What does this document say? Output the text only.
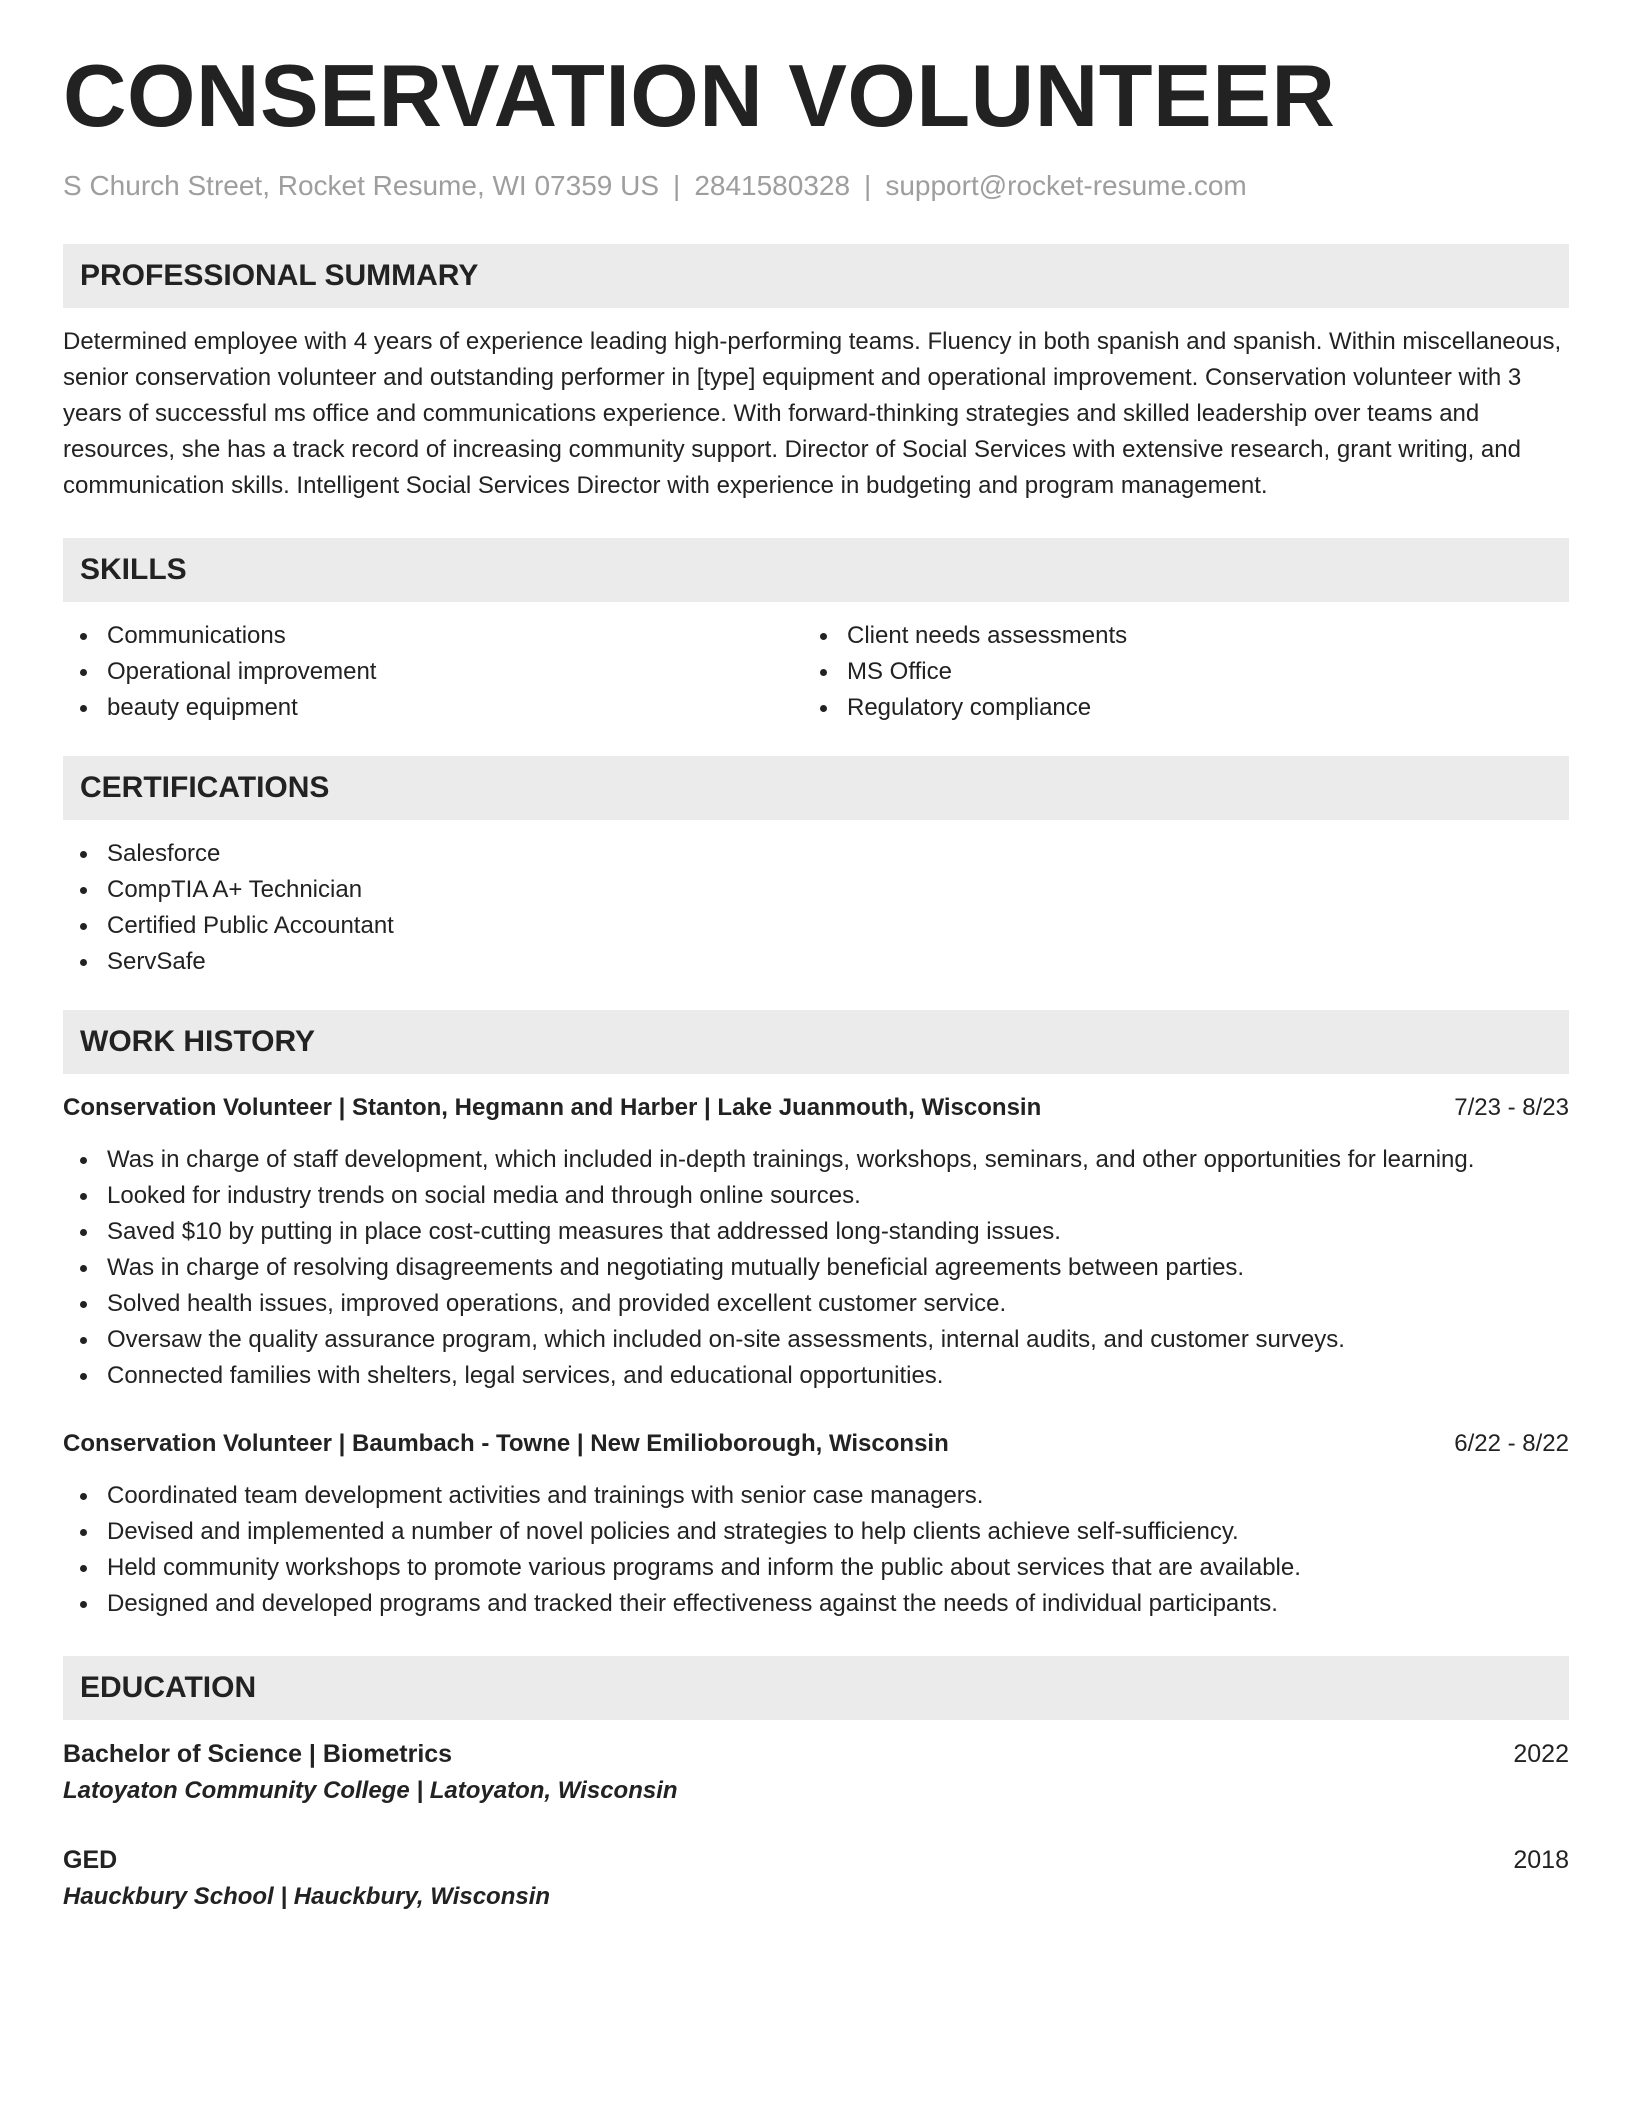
CONSERVATION VOLUNTEER
S Church Street, Rocket Resume, WI 07359 US | 2841580328 | support@rocket-resume.com
PROFESSIONAL SUMMARY

Determined employee with 4 years of experience leading high-performing teams. Fluency in both spanish and spanish. Within miscellaneous, senior conservation volunteer and outstanding performer in [type] equipment and operational improvement. Conservation volunteer with 3 years of successful ms office and communications experience. With forward-thinking strategies and skilled leadership over teams and resources, she has a track record of increasing community support. Director of Social Services with extensive research, grant writing, and communication skills. Intelligent Social Services Director with experience in budgeting and program management.

SKILLS
Communications
Operational improvement
beauty equipment
Client needs assessments
MS Office
Regulatory compliance
CERTIFICATIONS
Salesforce
CompTIA A+ Technician
Certified Public Accountant
ServSafe
WORK HISTORY
Conservation Volunteer | Stanton, Hegmann and Harber | Lake Juanmouth, Wisconsin	7/23 - 8/23
Was in charge of staff development, which included in-depth trainings, workshops, seminars, and other opportunities for learning.
Looked for industry trends on social media and through online sources.
Saved $10 by putting in place cost-cutting measures that addressed long-standing issues.
Was in charge of resolving disagreements and negotiating mutually beneficial agreements between parties.
Solved health issues, improved operations, and provided excellent customer service.
Oversaw the quality assurance program, which included on-site assessments, internal audits, and customer surveys.
Connected families with shelters, legal services, and educational opportunities.
Conservation Volunteer | Baumbach - Towne | New Emilioborough, Wisconsin	6/22 - 8/22
Coordinated team development activities and trainings with senior case managers.
Devised and implemented a number of novel policies and strategies to help clients achieve self-sufficiency.
Held community workshops to promote various programs and inform the public about services that are available.
Designed and developed programs and tracked their effectiveness against the needs of individual participants.
EDUCATION
Bachelor of Science | Biometrics	2022
Latoyaton Community College | Latoyaton, Wisconsin
GED	2018
Hauckbury School | Hauckbury, Wisconsin
